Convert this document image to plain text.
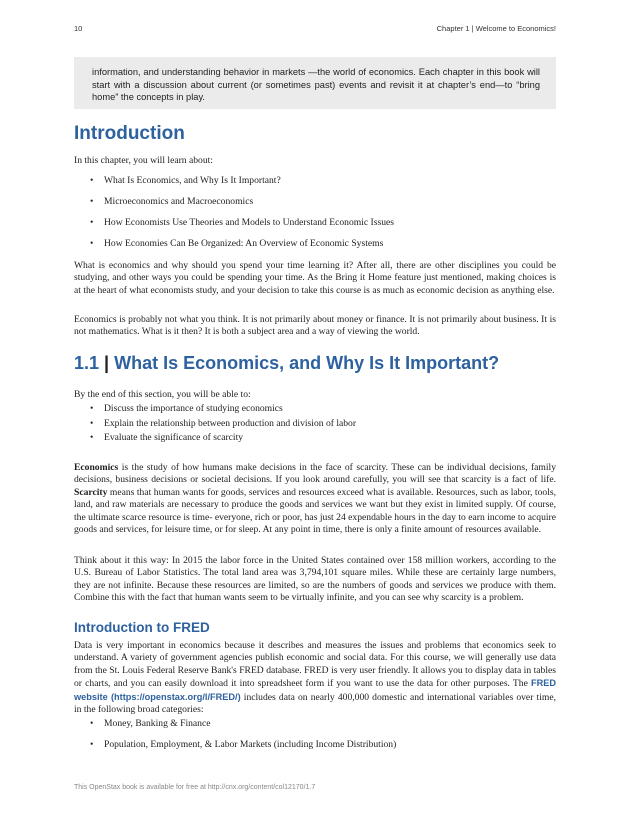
10	Chapter 1 | Welcome to Economics!
information, and understanding behavior in markets —the world of economics. Each chapter in this book will start with a discussion about current (or sometimes past) events and revisit it at chapter’s end—to “bring home” the concepts in play.
Introduction

In this chapter, you will learn about:

•	What Is Economics, and Why Is It Important?
•	Microeconomics and Macroeconomics
•	How Economists Use Theories and Models to Understand Economic Issues
•	How Economies Can Be Organized: An Overview of Economic Systems

What is economics and why should you spend your time learning it? After all, there are other disciplines you could be studying, and other ways you could be spending your time. As the Bring it Home feature just mentioned, making choices is at the heart of what economists study, and your decision to take this course is as much as economic decision as anything else.

Economics is probably not what you think. It is not primarily about money or finance. It is not primarily about business. It is not mathematics. What is it then? It is both a subject area and a way of viewing the world.

1.1 | What Is Economics, and Why Is It Important?

By the end of this section, you will be able to:

•	Discuss the importance of studying economics
•	Explain the relationship between production and division of labor
•	Evaluate the significance of scarcity

Economics is the study of how humans make decisions in the face of scarcity. These can be individual decisions, family decisions, business decisions or societal decisions. If you look around carefully, you will see that scarcity is a fact of life. Scarcity means that human wants for goods, services and resources exceed what is available. Resources, such as labor, tools, land, and raw materials are necessary to produce the goods and services we want but they exist in limited supply. Of course, the ultimate scarce resource is time- everyone, rich or poor, has just 24 expendable hours in the day to earn income to acquire goods and services, for leisure time, or for sleep. At any point in time, there is only a finite amount of resources available.

Think about it this way: In 2015 the labor force in the United States contained over 158 million workers, according to the U.S. Bureau of Labor Statistics. The total land area was 3,794,101 square miles. While these are certainly large numbers, they are not infinite. Because these resources are limited, so are the numbers of goods and services we produce with them. Combine this with the fact that human wants seem to be virtually infinite, and you can see why scarcity is a problem.

Introduction to FRED

Data is very important in economics because it describes and measures the issues and problems that economics seek to understand. A variety of government agencies publish economic and social data. For this course, we will generally use data from the St. Louis Federal Reserve Bank's FRED database. FRED is very user friendly. It allows you to display data in tables or charts, and you can easily download it into spreadsheet form if you want to use the data for other purposes. The FRED website (https://openstax.org/l/FRED/) includes data on nearly 400,000 domestic and international variables over time, in the following broad categories:

•	Money, Banking & Finance
•	Population, Employment, & Labor Markets (including Income Distribution)
This OpenStax book is available for free at http://cnx.org/content/col12170/1.7
